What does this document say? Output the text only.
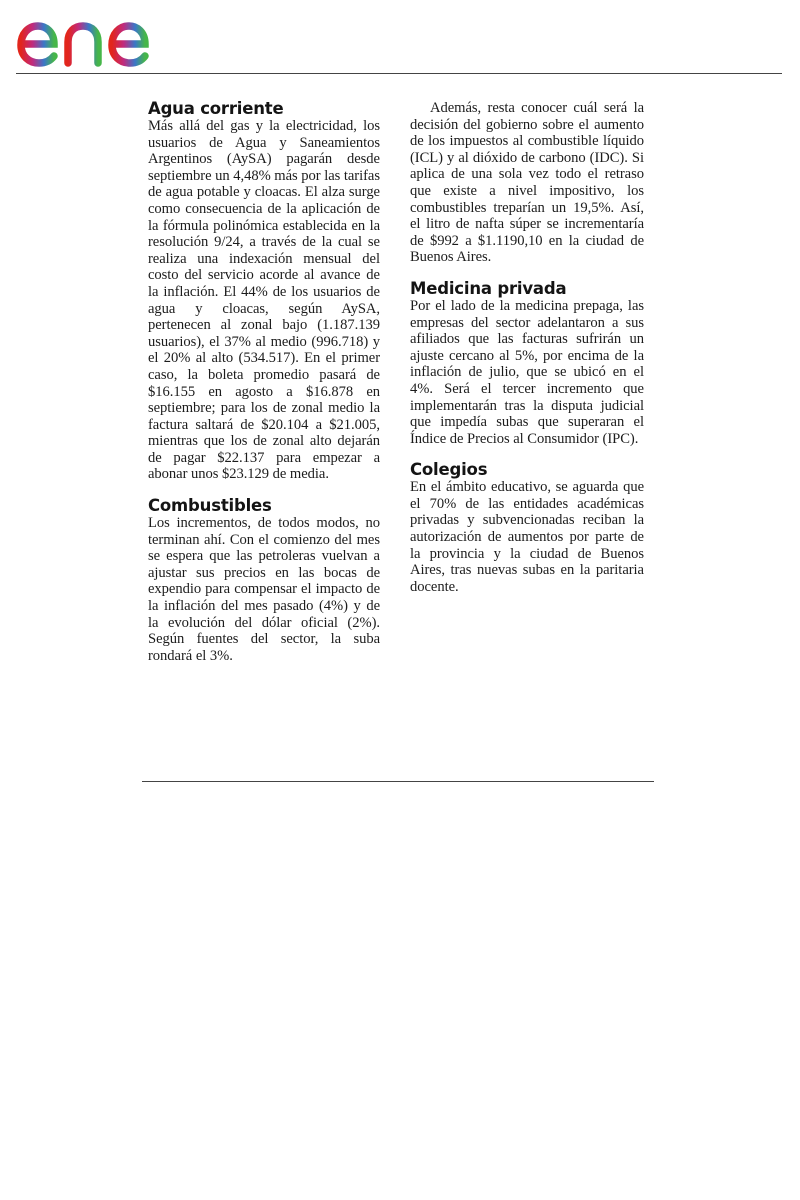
Agua corriente

Más allá del gas y la electricidad, los usuarios de Agua y Saneamientos Argentinos (AySA) pagarán desde septiembre un 4,48% más por las tarifas de agua potable y cloacas. El alza surge como consecuencia de la aplicación de la fórmula polinómica establecida en la resolución 9/24, a través de la cual se realiza una indexación mensual del costo del servicio acorde al avance de la inflación. El 44% de los usuarios de agua y cloacas, según AySA, pertenecen al zonal bajo (1.187.139 usuarios), el 37% al medio (996.718) y el 20% al alto (534.517). En el primer caso, la boleta promedio pasará de $16.155 en agosto a $16.878 en septiembre; para los de zonal medio la factura saltará de $20.104 a $21.005, mientras que los de zonal alto dejarán de pagar $22.137 para empezar a abonar unos $23.129 de media.

Combustibles

Los incrementos, de todos modos, no terminan ahí. Con el comienzo del mes se espera que las petroleras vuelvan a ajustar sus precios en las bocas de expendio para compensar el impacto de la inflación del mes pasado (4%) y de la evolución del dólar oficial (2%). Según fuentes del sector, la suba rondará el 3%.

Además, resta conocer cuál será la decisión del gobierno sobre el aumento de los impuestos al combustible líquido (ICL) y al dióxido de carbono (IDC). Si aplica de una sola vez todo el retraso que existe a nivel impositivo, los combustibles treparían un 19,5%. Así, el litro de nafta súper se incrementaría de $992 a $1.1190,10 en la ciudad de Buenos Aires.

Medicina privada

Por el lado de la medicina prepaga, las empresas del sector adelantaron a sus afiliados que las facturas sufrirán un ajuste cercano al 5%, por encima de la inflación de julio, que se ubicó en el 4%. Será el tercer incremento que implementarán tras la disputa judicial que impedía subas que superaran el Índice de Precios al Consumidor (IPC).

Colegios

En el ámbito educativo, se aguarda que el 70% de las entidades académicas privadas y subvencionadas reciban la autorización de aumentos por parte de la provincia y la ciudad de Buenos Aires, tras nuevas subas en la paritaria docente.
